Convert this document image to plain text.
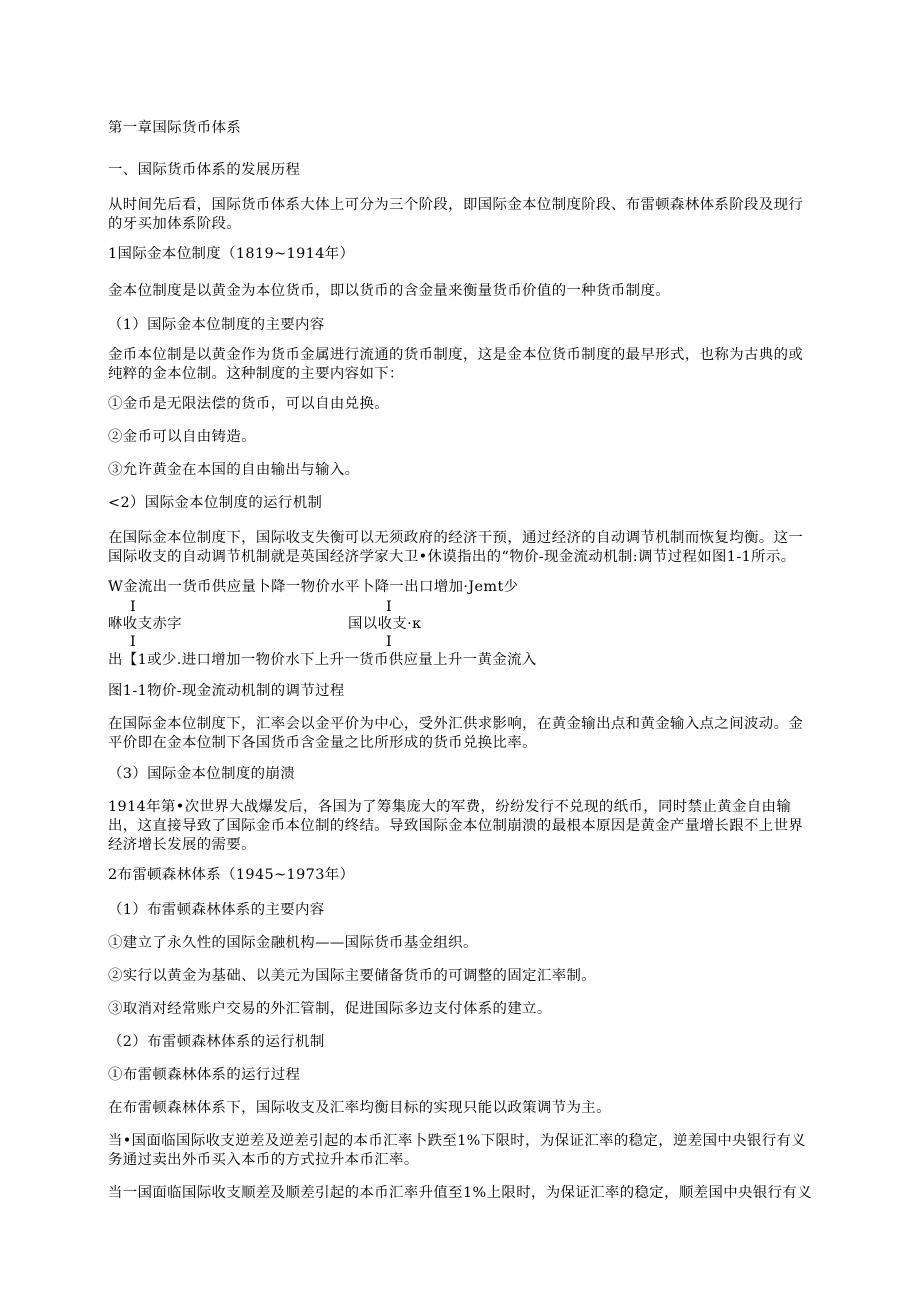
第一章国际货币体系
一、国际货币体系的发展历程
从时间先后看，国际货币体系大体上可分为三个阶段，即国际金本位制度阶段、布雷顿森林体系阶段及现行的牙买加体系阶段。
1国际金本位制度（1819~1914年）
金本位制度是以黄金为本位货币，即以货币的含金量来衡量货币价值的一种货币制度。
（1）国际金本位制度的主要内容
金币本位制是以黄金作为货币金属进行流通的货币制度，这是金本位货币制度的最早形式，也称为古典的或纯粹的金本位制。这种制度的主要内容如下：
①金币是无限法偿的货币，可以自由兑换。
②金币可以自由铸造。
③允许黄金在本国的自由输出与输入。
<2）国际金本位制度的运行机制
在国际金本位制度下，国际收支失衡可以无须政府的经济干预，通过经济的自动调节机制而恢复均衡。这一国际收支的自动调节机制就是英国经济学家大卫•休谟指出的“物价-现金流动机制:调节过程如图1-1所示。
W金流出一货币供应量卜降一物价水平卜降一出口增加·Jemt少
I	I
咻收支赤字	国以收支·κ
I	I
出【1或少.进口增加一物价水下上升一货币供应量上升一黄金流入
图1-1物价-现金流动机制的调节过程
在国际金本位制度下，汇率会以金平价为中心，受外汇供求影响，在黄金输出点和黄金输入点之间波动。金平价即在金本位制下各国货币含金量之比所形成的货币兑换比率。
（3）国际金本位制度的崩溃
1914年第•次世界大战爆发后，各国为了筹集庞大的军费，纷纷发行不兑现的纸币，同时禁止黄金自由输出，这直接导致了国际金币本位制的终结。导致国际金本位制崩溃的最根本原因是黄金产量增长跟不上世界经济增长发展的需要。
2布雷顿森林体系（1945~1973年）
（1）布雷顿森林体系的主要内容
①建立了永久性的国际金融机构——国际货币基金组织。
②实行以黄金为基础、以美元为国际主要储备货币的可调整的固定汇率制。
③取消对经常账户交易的外汇管制，促进国际多边支付体系的建立。
（2）布雷顿森林体系的运行机制
①布雷顿森林体系的运行过程
在布雷顿森林体系下，国际收支及汇率均衡目标的实现只能以政策调节为主。
当•国面临国际收支逆差及逆差引起的本币汇率卜跌至1%下限时，为保证汇率的稳定，逆差国中央银行有义务通过卖出外币买入本币的方式拉升本币汇率。
当一国面临国际收支顺差及顺差引起的本币汇率升值至1%上限时，为保证汇率的稳定，顺差国中央银行有义
